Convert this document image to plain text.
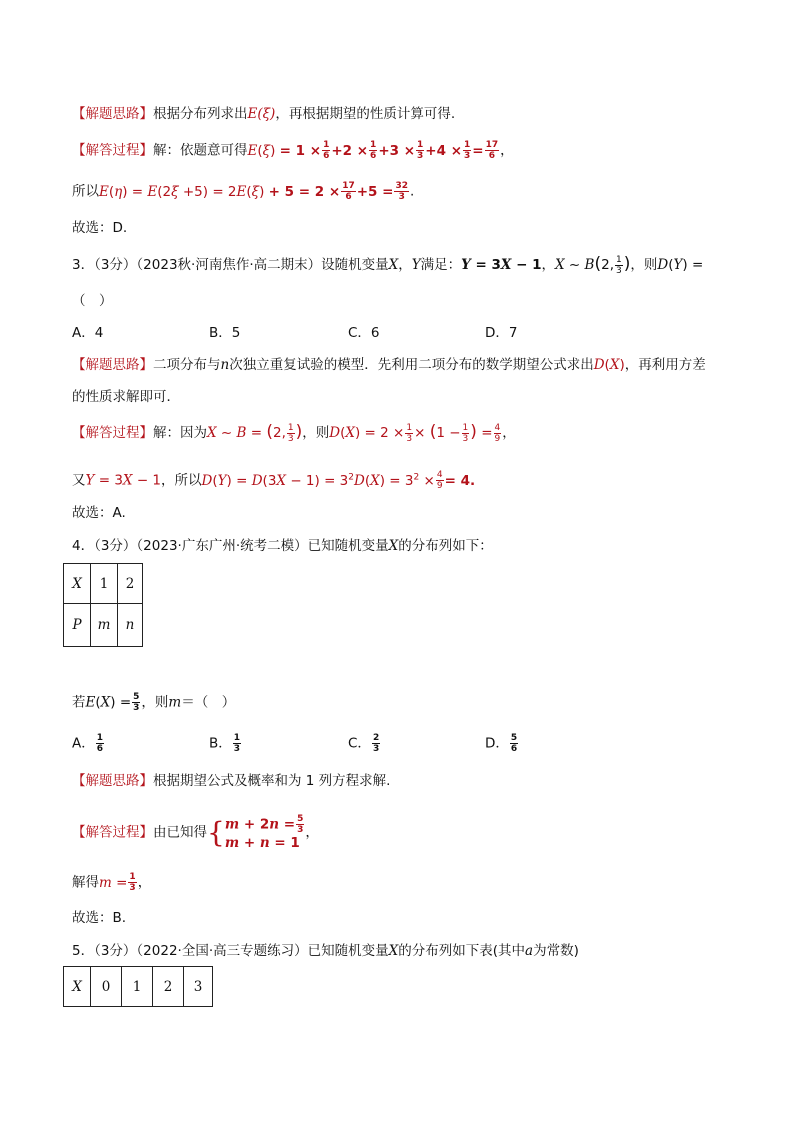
【解题思路】根据分布列求出E(ξ)，再根据期望的性质计算可得.
【解答过程】解：依题意可得$E(\xi) = 1 \times \frac{1}{6} +2 \times \frac{1}{6} +3 \times \frac{1}{3} +4 \times \frac{1}{3} = \frac{17}{6}$ ，
所以$E(\eta) = E(2\xi +5) = 2E(\xi) + 5 = 2 \times \frac{17}{6} +5 = \frac{32}{3}$ .
故选：D.
3．（3分）（2023秋·河南焦作·高二期末）设随机变量X，Y满足：Y = 3X − 1，X ~ B(2, $\frac{1}{3}$ )，则D(Y) =
（　）
A．4	B．5	C．6	D．7
【解题思路】二项分布与n次独立重复试验的模型．先利用二项分布的数学期望公式求出D(X)，再利用方差
的性质求解即可．
【解答过程】解：因为X ~ B = (2, $\frac{1}{3}$ )，则$D(X) = 2 \times \frac{1}{3} \times (1 - \frac{1}{3}$ ) = $\frac{4}{9}$ ，
又Y = 3X − 1，所以$D(Y) = D(3X - 1) = 3^2D(X) = 3^2 \times \frac{4}{9} = 4$.
故选：A.
4．（3分）（2023·广东广州·统考二模）已知随机变量X的分布列如下：
X	1	2
P	m	n
若$E(X) = \frac{5}{3}$ ，则m＝（　）
A． $\frac{1}{6}$	B． $\frac{1}{3}$	C． $\frac{2}{3}$	D． $\frac{5}{6}$
【解题思路】根据期望公式及概率和为 1 列方程求解.
【解答过程】由已知得{ $m + 2n = \frac{5}{3}$
m + n = 1
，
解得$m = \frac{1}{3}$ ，
故选：B.
5．（3分）（2022·全国·高三专题练习）已知随机变量X的分布列如下表(其中a为常数)
X	0	1	2	3
